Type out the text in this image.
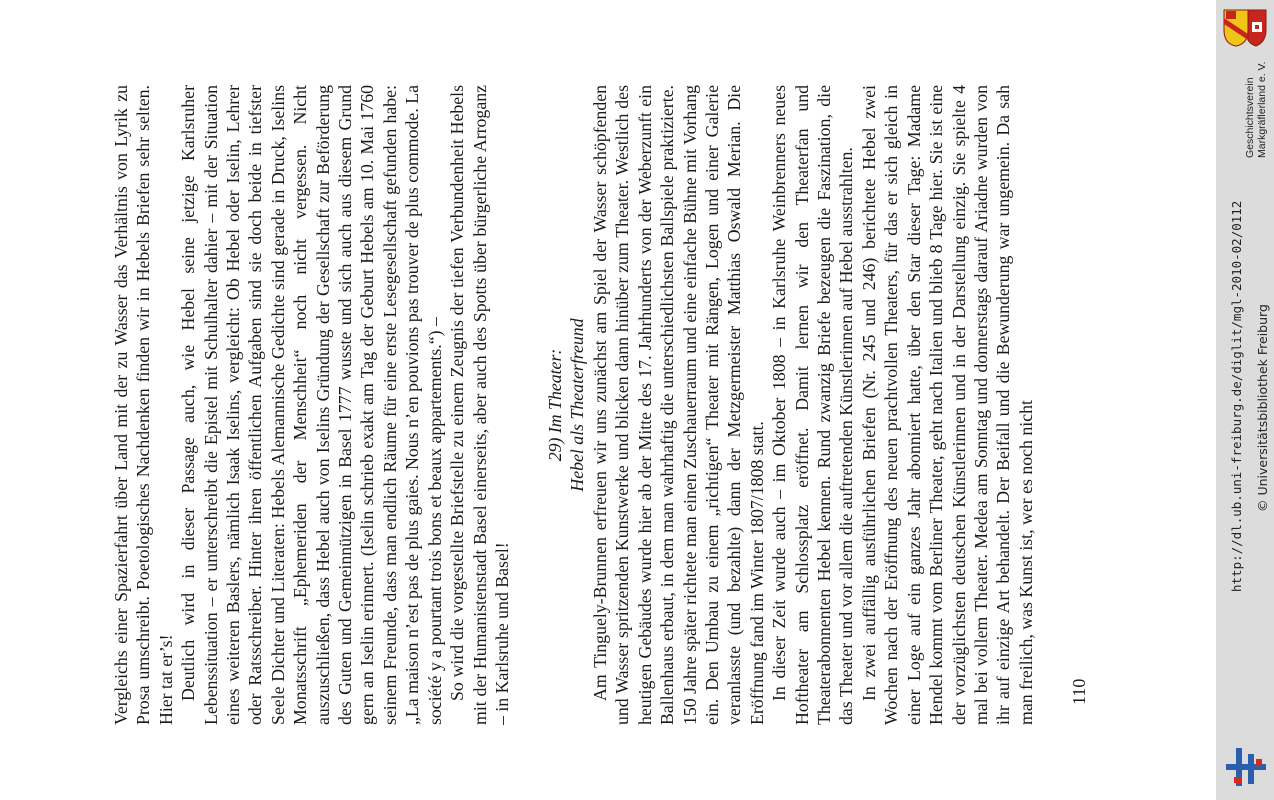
Vergleichs einer Spazierfahrt über Land mit der zu Wasser das Verhältnis von Lyrik zu Prosa umschreibt. Poetologisches Nachdenken finden wir in Hebels Briefen sehr selten. Hier tat er’s! Deutlich wird in dieser Passage auch, wie Hebel seine jetzige Karlsruher Lebenssituation – er unterschreibt die Epistel mit Schulhalter dahier – mit der Situation eines weiteren Baslers, nämlich Isaak Iselins, vergleicht: Ob Hebel oder Iselin, Lehrer oder Ratsschreiber. Hinter ihren öffentlichen Aufgaben sind sie doch beide in tiefster Seele Dichter und Literaten: Hebels Alemannische Gedichte sind gerade in Druck, Iselins Monatsschrift „Ephemeriden der Menschheit“ noch nicht vergessen. Nicht auszuschließen, dass Hebel auch von Iselins Gründung der Gesellschaft zur Beförderung des Guten und Gemeinnützigen in Basel 1777 wusste und sich auch aus diesem Grund gern an Iselin erinnert. (Iselin schrieb exakt am Tag der Geburt Hebels am 10. Mai 1760 seinem Freunde, dass man endlich Räume für eine erste Lesegesellschaft gefunden habe: „La maison n’est pas de plus gaies. Nous n’en pouvions pas trouver de plus commode. La société y a pourtant trois bons et beaux appartements.“) – So wird die vorgestellte Briefstelle zu einem Zeugnis der tiefen Verbundenheit Hebels mit der Humanistenstadt Basel einerseits, aber auch des Spotts über bürgerliche Arroganz – in Karlsruhe und Basel!

29) Im Theater: Hebel als Theaterfreund Am Tinguely-Brunnen erfreuen wir uns zunächst am Spiel der Wasser schöpfenden und Wasser spritzenden Kunstwerke und blicken dann hinüber zum Theater. Westlich des heutigen Gebäudes wurde hier ab der Mitte des 17. Jahrhunderts von der Weberzunft ein Ballenhaus erbaut, in dem man wahrhaftig die unterschiedlichsten Ballspiele praktizierte. 150 Jahre später richtete man einen Zuschauerraum und eine einfache Bühne mit Vorhang ein. Den Umbau zu einem „richtigen“ Theater mit Rängen, Logen und einer Galerie veranlasste (und bezahlte) dann der Metzgermeister Matthias Oswald Merian. Die Eröffnung fand im Winter 1807/1808 statt. In dieser Zeit wurde auch – im Oktober 1808 – in Karlsruhe Weinbrenners neues Hoftheater am Schlossplatz eröffnet. Damit lernen wir den Theaterfan und Theaterabonnenten Hebel kennen. Rund zwanzig Briefe bezeugen die Faszination, die das Theater und vor allem die auftretenden Künstlerinnen auf Hebel ausstrahlten. In zwei auffällig ausführlichen Briefen (Nr. 245 und 246) berichtete Hebel zwei Wochen nach der Eröffnung des neuen prachtvollen Theaters, für das er sich gleich in einer Loge auf ein ganzes Jahr abonniert hatte, über den Star dieser Tage: Madame Hendel kommt vom Berliner Theater, geht nach Italien und blieb 8 Tage hier. Sie ist eine der vorzüglichsten deutschen Künstlerinnen und in der Darstellung einzig. Sie spielte 4 mal bei vollem Theater. Medea am Sonntag und donnerstags darauf Ariadne wurden von ihr auf einzige Art behandelt. Der Beifall und die Bewunderung war ungemein. Da sah man freilich, was Kunst ist, wer es noch nicht 110
Geschichtsverein Markgräflerland e. V.
http://dl.ub.uni-freiburg.de/diglit/mgl-2010-02/0112 © Universitätsbibliothek Freiburg
